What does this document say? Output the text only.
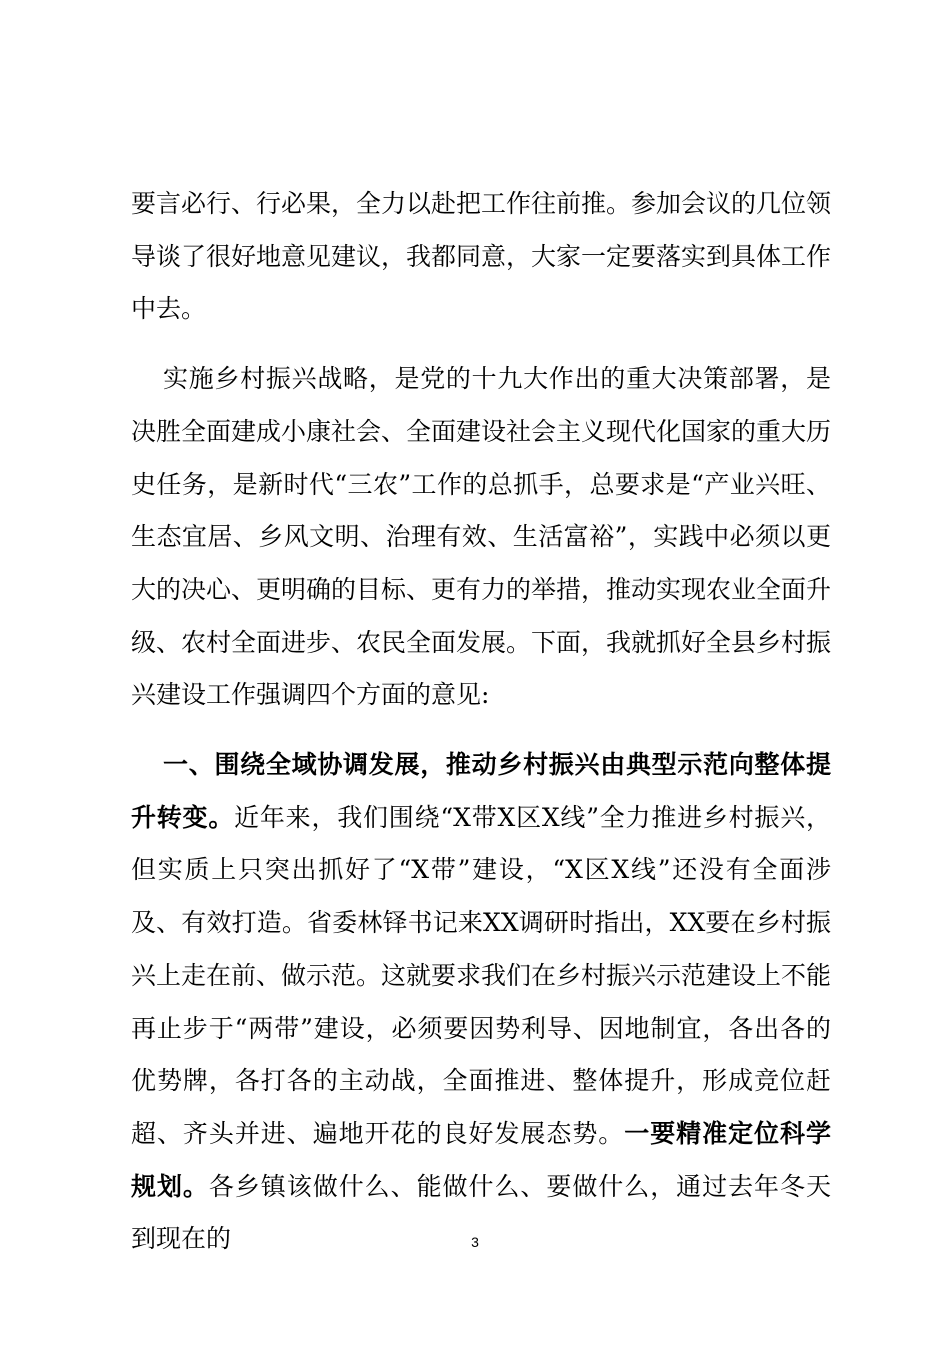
要言必行、行必果，全力以赴把工作往前推。参加会议的几位领导谈了很好地意见建议，我都同意，大家一定要落实到具体工作中去。

实施乡村振兴战略，是党的十九大作出的重大决策部署，是决胜全面建成小康社会、全面建设社会主义现代化国家的重大历史任务，是新时代“三农”工作的总抓手，总要求是“产业兴旺、生态宜居、乡风文明、治理有效、生活富裕”，实践中必须以更大的决心、更明确的目标、更有力的举措，推动实现农业全面升级、农村全面进步、农民全面发展。下面，我就抓好全县乡村振兴建设工作强调四个方面的意见:

一、围绕全域协调发展，推动乡村振兴由典型示范向整体提升转变。近年来，我们围绕“X带X区X线”全力推进乡村振兴，但实质上只突出抓好了“X带”建设，“X区X线”还没有全面涉及、有效打造。省委林铎书记来XX调研时指出，XX要在乡村振兴上走在前、做示范。这就要求我们在乡村振兴示范建设上不能再止步于“两带”建设，必须要因势利导、因地制宜，各出各的优势牌，各打各的主动战，全面推进、整体提升，形成竞位赶超、齐头并进、遍地开花的良好发展态势。一要精准定位科学规划。各乡镇该做什么、能做什么、要做什么，通过去年冬天到现在的	3
